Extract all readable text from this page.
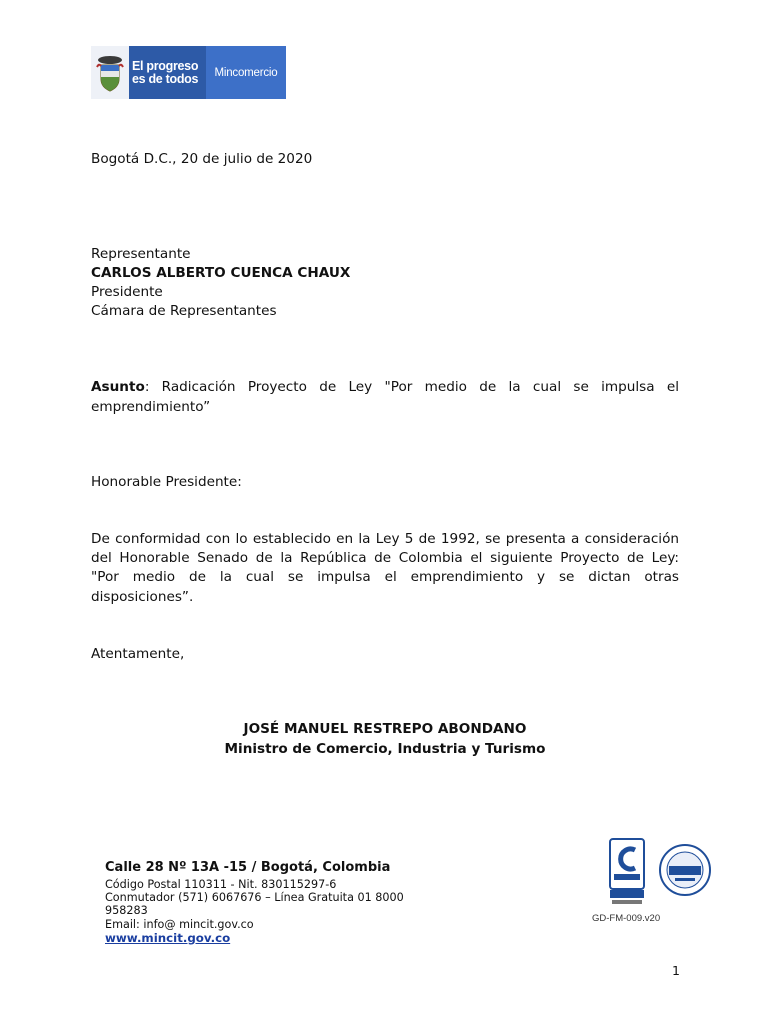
El progreso
es de todos	Mincomercio
Bogotá D.C., 20 de julio de 2020
Representante
CARLOS ALBERTO CUENCA CHAUX
Presidente
Cámara de Representantes
Asunto: Radicación Proyecto de Ley "Por medio de la cual se impulsa el
emprendimiento”
Honorable Presidente:
De conformidad con lo establecido en la Ley 5 de 1992, se presenta a consideración
del Honorable Senado de la República de Colombia el siguiente Proyecto de Ley:
"Por medio de la cual se impulsa el emprendimiento y se dictan otras
disposiciones”.
Atentamente,
JOSÉ MANUEL RESTREPO ABONDANO
Ministro de Comercio, Industria y Turismo
Calle 28 Nº 13A -15 / Bogotá, Colombia
Código Postal 110311 - Nit. 830115297-6
Conmutador (571) 6067676 – Línea Gratuita 01 8000
958283
Email: info@ mincit.gov.co
www.mincit.gov.co
GD-FM-009.v20
1
